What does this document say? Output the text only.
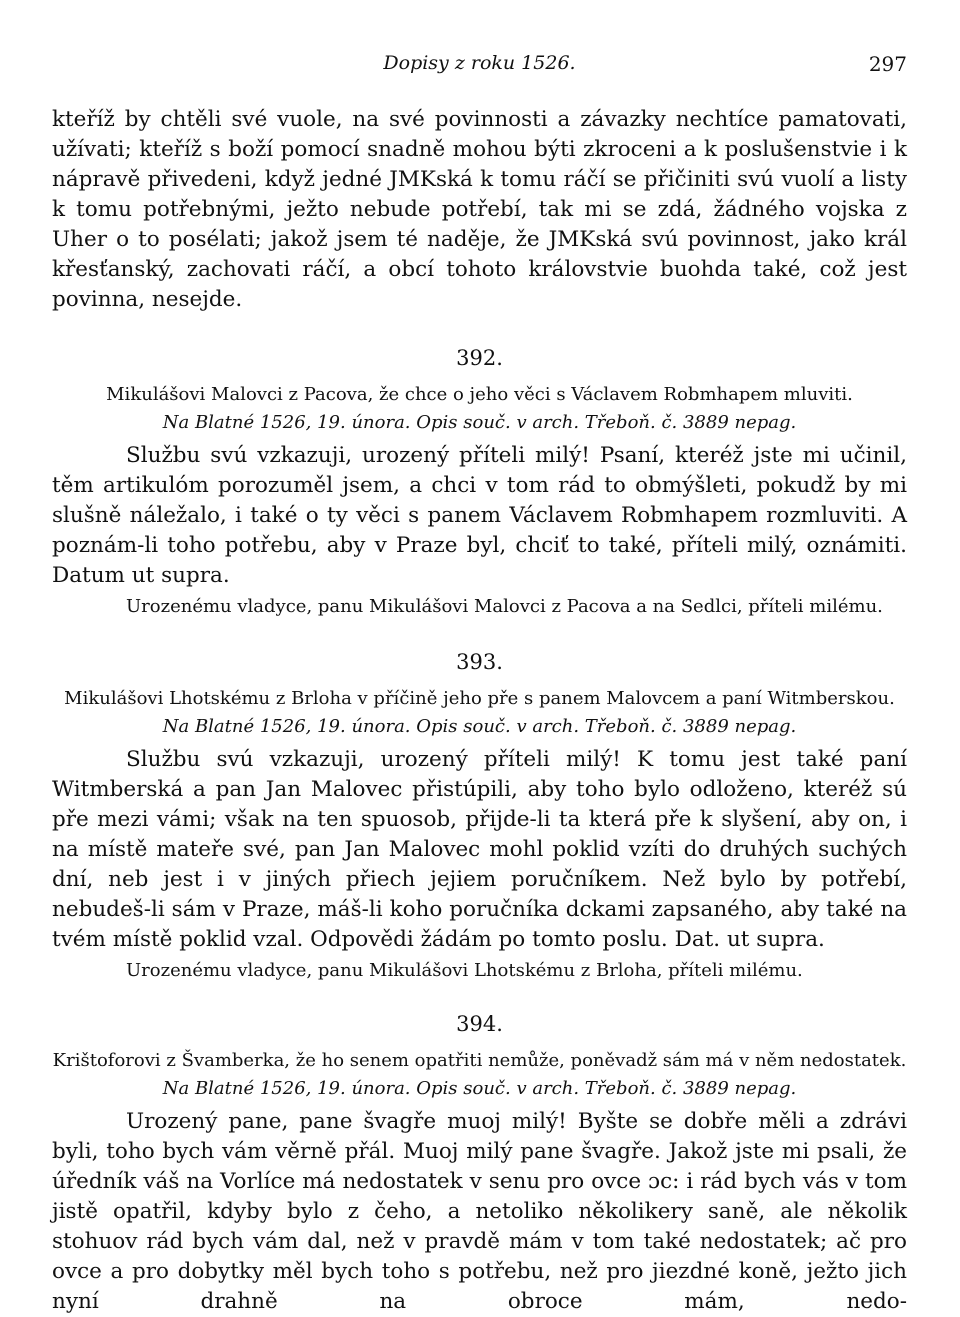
Dopisy z roku 1526.	297

kteříž by chtěli své vuole, na své povinnosti a závazky nechtíce pamatovati, užívati; kteříž s boží pomocí snadně mohou býti zkroceni a k poslušenstvie i k nápravě přivedeni, když jedné JMKská k tomu ráčí se přičiniti svú vuolí a listy k tomu potřebnými, ježto nebude potřebí, tak mi se zdá, žádného vojska z Uher o to posélati; jakož jsem té naděje, že JMKská svú povinnost, jako král křesťanský, zachovati ráčí, a obcí tohoto královstvie buohda také, což jest povinna, nesejde.

392.

Mikulášovi Malovci z Pacova, že chce o jeho věci s Václavem Robmhapem mluviti.

Na Blatné 1526, 19. února. Opis souč. v arch. Třeboň. č. 3889 nepag.

Službu svú vzkazuji, urozený příteli milý! Psaní, kteréž jste mi učinil, těm artikulóm porozuměl jsem, a chci v tom rád to obmýšleti, pokudž by mi slušně náležalo, i také o ty věci s panem Václavem Robmhapem rozmluviti. A poznám-li toho potřebu, aby v Praze byl, chciť to také, příteli milý, oznámiti. Datum ut supra.

Urozenému vladyce, panu Mikulášovi Malovci z Pacova a na Sedlci, příteli milému.

393.

Mikulášovi Lhotskému z Brloha v příčině jeho pře s panem Malovcem a paní Witmberskou.

Na Blatné 1526, 19. února. Opis souč. v arch. Třeboň. č. 3889 nepag.

Službu svú vzkazuji, urozený příteli milý! K tomu jest také paní Witmberská a pan Jan Malovec přistúpili, aby toho bylo odloženo, kteréž sú pře mezi vámi; však na ten spuosob, přijde-li ta která pře k slyšení, aby on, i na místě mateře své, pan Jan Malovec mohl poklid vzíti do druhých suchých dní, neb jest i v jiných přiech jejiem poručníkem. Než bylo by potřebí, nebudeš-li sám v Praze, máš-li koho poručníka dckami zapsaného, aby také na tvém místě poklid vzal. Odpovědi žádám po tomto poslu. Dat. ut supra.

Urozenému vladyce, panu Mikulášovi Lhotskému z Brloha, příteli milému.

394.

Krištoforovi z Švamberka, že ho senem opatřiti nemůže, poněvadž sám má v něm nedostatek.

Na Blatné 1526, 19. února. Opis souč. v arch. Třeboň. č. 3889 nepag.

Urozený pane, pane švagře muoj milý! Byšte se dobře měli a zdrávi byli, toho bych vám věrně přál. Muoj milý pane švagře. Jakož jste mi psali, že úředník váš na Vorlíce má nedostatek v senu pro ovce ɔc: i rád bych vás v tom jistě opatřil, kdyby bylo z čeho, a netoliko několikery saně, ale několik stohuov rád bych vám dal, než v pravdě mám v tom také nedostatek; ač pro ovce a pro dobytky měl bych toho s potřebu, než pro jiezdné koně, ježto jich nyní drahně na obroce mám, nedo-
